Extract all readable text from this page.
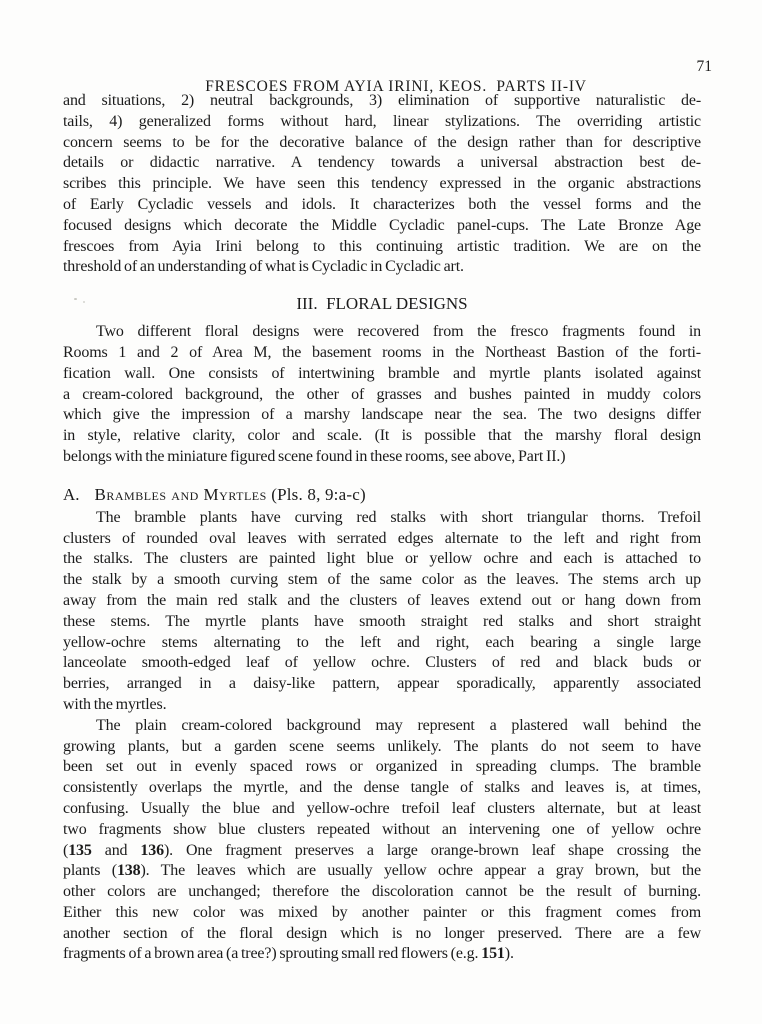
FRESCOES FROM AYIA IRINI, KEOS.  PARTS II-IV

71

and situations, 2) neutral backgrounds, 3) elimination of supportive naturalistic de-
tails, 4) generalized forms without hard, linear stylizations. The overriding artistic
concern seems to be for the decorative balance of the design rather than for descriptive
details or didactic narrative. A tendency towards a universal abstraction best de-
scribes this principle. We have seen this tendency expressed in the organic abstractions
of Early Cycladic vessels and idols. It characterizes both the vessel forms and the
focused designs which decorate the Middle Cycladic panel-cups. The Late Bronze Age
frescoes from Ayia Irini belong to this continuing artistic tradition. We are on the
threshold of an understanding of what is Cycladic in Cycladic art.
III.  FLORAL DESIGNS
Two different floral designs were recovered from the fresco fragments found in
Rooms 1 and 2 of Area M, the basement rooms in the Northeast Bastion of the forti-
fication wall. One consists of intertwining bramble and myrtle plants isolated against
a cream-colored background, the other of grasses and bushes painted in muddy colors
which give the impression of a marshy landscape near the sea. The two designs differ
in style, relative clarity, color and scale. (It is possible that the marshy floral design
belongs with the miniature figured scene found in these rooms, see above, Part II.)
A. Brambles and Myrtles (Pls. 8, 9:a-c)
The bramble plants have curving red stalks with short triangular thorns. Trefoil
clusters of rounded oval leaves with serrated edges alternate to the left and right from
the stalks. The clusters are painted light blue or yellow ochre and each is attached to
the stalk by a smooth curving stem of the same color as the leaves. The stems arch up
away from the main red stalk and the clusters of leaves extend out or hang down from
these stems. The myrtle plants have smooth straight red stalks and short straight
yellow-ochre stems alternating to the left and right, each bearing a single large
lanceolate smooth-edged leaf of yellow ochre. Clusters of red and black buds or
berries, arranged in a daisy-like pattern, appear sporadically, apparently associated
with the myrtles.
The plain cream-colored background may represent a plastered wall behind the
growing plants, but a garden scene seems unlikely. The plants do not seem to have
been set out in evenly spaced rows or organized in spreading clumps. The bramble
consistently overlaps the myrtle, and the dense tangle of stalks and leaves is, at times,
confusing. Usually the blue and yellow-ochre trefoil leaf clusters alternate, but at least
two fragments show blue clusters repeated without an intervening one of yellow ochre
(135 and 136). One fragment preserves a large orange-brown leaf shape crossing the
plants (138). The leaves which are usually yellow ochre appear a gray brown, but the
other colors are unchanged; therefore the discoloration cannot be the result of burning.
Either this new color was mixed by another painter or this fragment comes from
another section of the floral design which is no longer preserved. There are a few
fragments of a brown area (a tree?) sprouting small red flowers (e.g. 151).
